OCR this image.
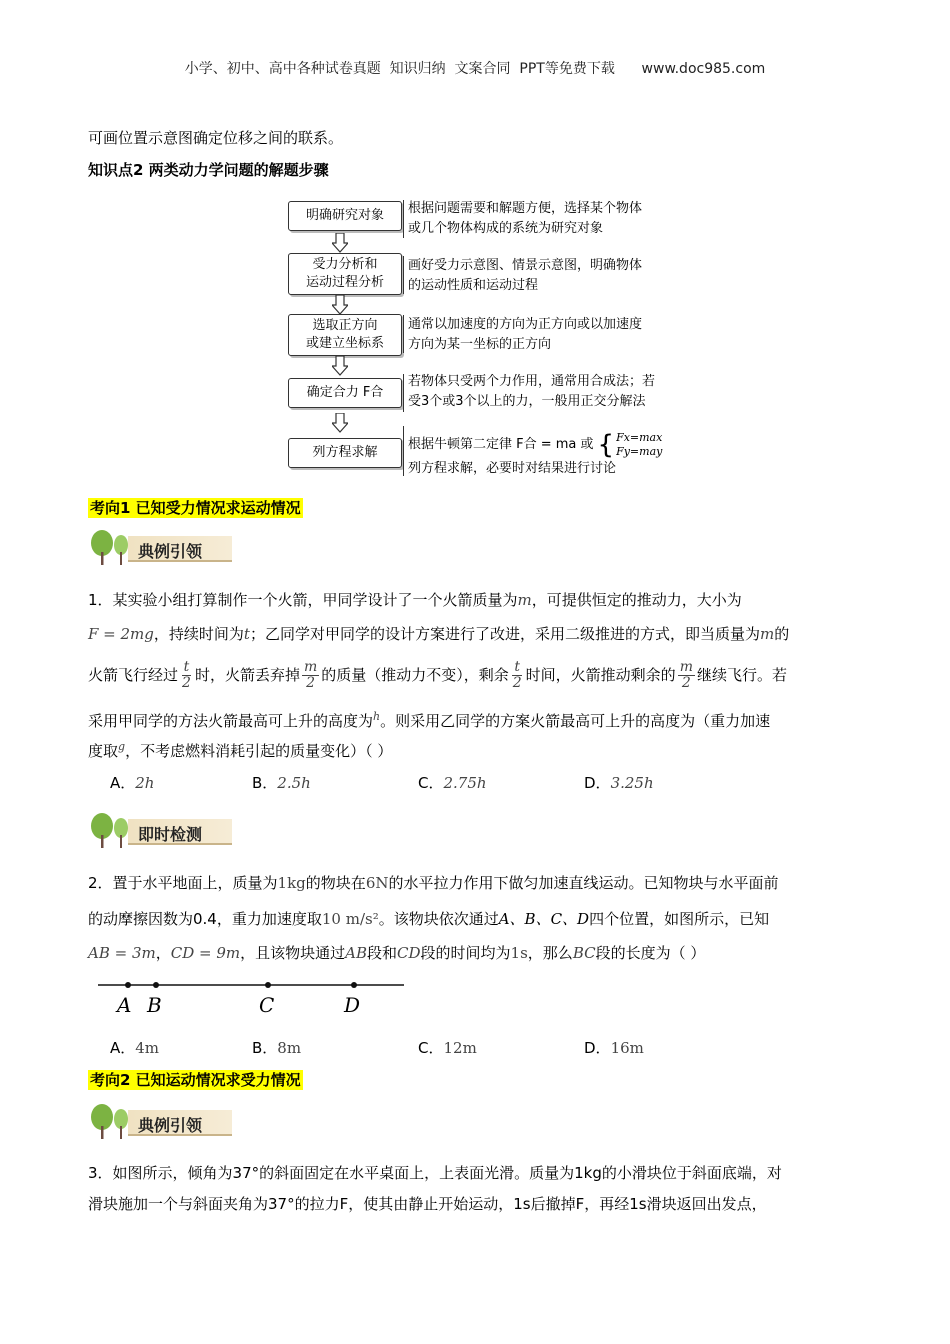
小学、初中、高中各种试卷真题  知识归纳  文案合同  PPT等免费下载      www.doc985.com
可画位置示意图确定位移之间的联系。
知识点2 两类动力学问题的解题步骤
明确研究对象 根据问题需要和解题方便，选择某个物体
或几个物体构成的系统为研究对象
受力分析和
运动过程分析
画好受力示意图、情景示意图，明确物体
的运动性质和运动过程
选取正方向
或建立坐标系
通常以加速度的方向为正方向或以加速度
方向为某一坐标的正方向
确定合力 F合
若物体只受两个力作用，通常用合成法；若
受3个或3个以上的力，一般用正交分解法
列方程求解
根据牛顿第二定律 F合 = ma 或 { Fx=max
Fy=may
列方程求解，必要时对结果进行讨论
考向1 已知受力情况求运动情况
典例引领
1．某实验小组打算制作一个火箭，甲同学设计了一个火箭质量为m，可提供恒定的推动力，大小为
F = 2mg，持续时间为t；乙同学对甲同学的设计方案进行了改进，采用二级推进的方式，即当质量为m的
火箭飞行经过 $\frac{t}{2}$ 时，火箭丢弃掉 $\frac{m}{2}$ 的质量（推动力不变），剩余 $\frac{t}{2}$ 时间，火箭推动剩余的 $\frac{m}{2}$ 继续飞行。若
采用甲同学的方法火箭最高可上升的高度为$^h$。则采用乙同学的方案火箭最高可上升的高度为（重力加速
度取$^g$，不考虑燃料消耗引起的质量变化）（ ）
A．2h	B．2.5h	C．2.75h	D．3.25h
即时检测
2．置于水平地面上，质量为1kg的物块在6N的水平拉力作用下做匀加速直线运动。已知物块与水平面前
的动摩擦因数为0.4，重力加速度取10 m/s²。该物块依次通过A、B、C、D四个位置，如图所示，已知
AB = 3m，CD = 9m，且该物块通过AB段和CD段的时间均为1s，那么BC段的长度为（ ）
A B	C	D
A．4m	B．8m	C．12m	D．16m
考向2 已知运动情况求受力情况
典例引领
3．如图所示，倾角为37°的斜面固定在水平桌面上，上表面光滑。质量为1kg的小滑块位于斜面底端，对
滑块施加一个与斜面夹角为37°的拉力F，使其由静止开始运动，1s后撤掉F，再经1s滑块返回出发点，
